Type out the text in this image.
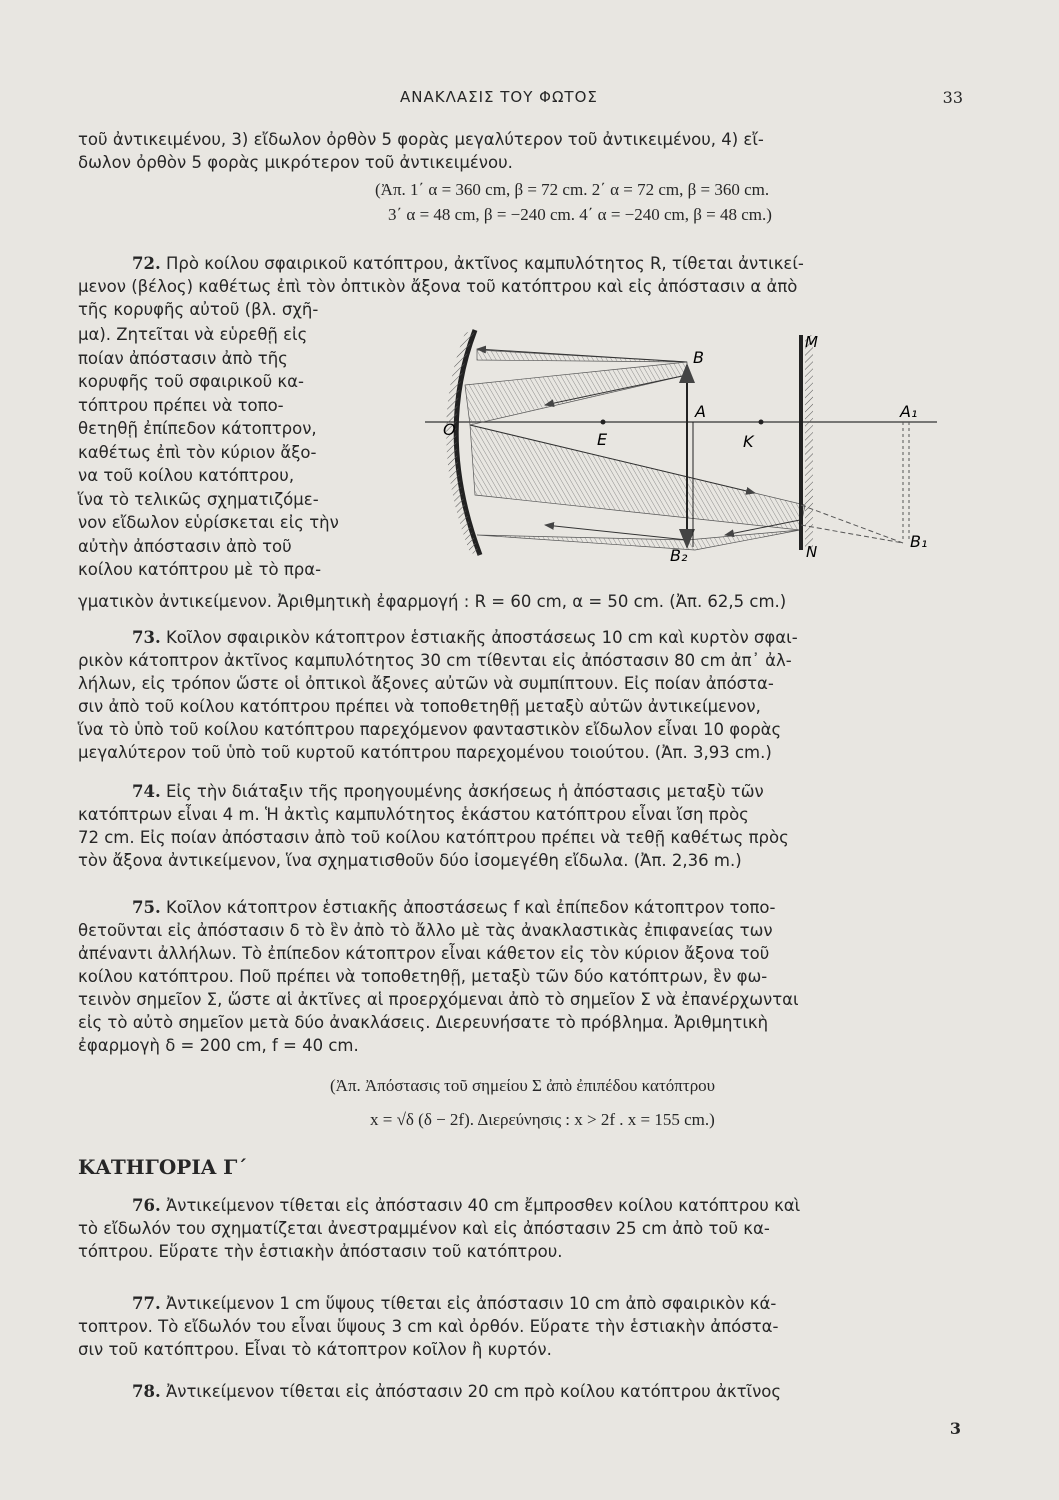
ΑΝΑΚΛΑΣΙΣ ΤΟΥ ΦΩΤΟΣ	33

τοῦ ἀντικειμένου, 3) εἴδωλον ὀρθὸν 5 φορὰς μεγαλύτερον τοῦ ἀντικειμένου, 4) εἴ-

δωλον ὀρθὸν 5 φορὰς μικρότερον τοῦ ἀντικειμένου.

(Ἀπ. 1΄ α = 360 cm, β = 72 cm. 2΄ α = 72 cm, β = 360 cm.
3΄ α = 48 cm, β = −240 cm. 4΄ α = −240 cm, β = 48 cm.)

72. Πρὸ κοίλου σφαιρικοῦ κατόπτρου, ἀκτῖνος καμπυλότητος R, τίθεται ἀντικεί-

μενον (βέλος) καθέτως ἐπὶ τὸν ὀπτικὸν ἄξονα τοῦ κατόπτρου καὶ εἰς ἀπόστασιν α ἀπὸ

τῆς κορυφῆς αὐτοῦ (βλ. σχῆ-

μα). Ζητεῖται νὰ εὑρεθῇ εἰς
ποίαν ἀπόστασιν ἀπὸ τῆς
κορυφῆς τοῦ σφαιρικοῦ κα-
τόπτρου πρέπει νὰ τοπο-
θετηθῇ ἐπίπεδον κάτοπτρον,
καθέτως ἐπὶ τὸν κύριον ἄξο-
να τοῦ κοίλου κατόπτρου,
ἵνα τὸ τελικῶς σχηματιζόμε-
νον εἴδωλον εὑρίσκεται εἰς τὴν
αὐτὴν ἀπόστασιν ἀπὸ τοῦ
κοίλου κατόπτρου μὲ τὸ πρα-

γματικὸν ἀντικείμενον. Ἀριθμητικὴ ἐφαρμογή : R = 60 cm, α = 50 cm. (Ἀπ. 62,5 cm.)

O
E
A
B
K
M
N
A₁
B₁
B₂

73. Κοῖλον σφαιρικὸν κάτοπτρον ἑστιακῆς ἀποστάσεως 10 cm καὶ κυρτὸν σφαι-

ρικὸν κάτοπτρον ἀκτῖνος καμπυλότητος 30 cm τίθενται εἰς ἀπόστασιν 80 cm ἀπ᾽ ἀλ-

λήλων, εἰς τρόπον ὥστε οἱ ὀπτικοὶ ἄξονες αὐτῶν νὰ συμπίπτουν. Εἰς ποίαν ἀπόστα-

σιν ἀπὸ τοῦ κοίλου κατόπτρου πρέπει νὰ τοποθετηθῇ μεταξὺ αὐτῶν ἀντικείμενον,

ἵνα τὸ ὑπὸ τοῦ κοίλου κατόπτρου παρεχόμενον φανταστικὸν εἴδωλον εἶναι 10 φορὰς

μεγαλύτερον τοῦ ὑπὸ τοῦ κυρτοῦ κατόπτρου παρεχομένου τοιούτου. (Ἀπ. 3,93 cm.)

74. Εἰς τὴν διάταξιν τῆς προηγουμένης ἀσκήσεως ἡ ἀπόστασις μεταξὺ τῶν

κατόπτρων εἶναι 4 m. Ἡ ἀκτὶς καμπυλότητος ἑκάστου κατόπτρου εἶναι ἴση πρὸς

72 cm. Εἰς ποίαν ἀπόστασιν ἀπὸ τοῦ κοίλου κατόπτρου πρέπει νὰ τεθῇ καθέτως πρὸς

τὸν ἄξονα ἀντικείμενον, ἵνα σχηματισθοῦν δύο ἰσομεγέθη εἴδωλα. (Ἀπ. 2,36 m.)

75. Κοῖλον κάτοπτρον ἑστιακῆς ἀποστάσεως f καὶ ἐπίπεδον κάτοπτρον τοπο-

θετοῦνται εἰς ἀπόστασιν δ τὸ ἓν ἀπὸ τὸ ἄλλο μὲ τὰς ἀνακλαστικὰς ἐπιφανείας των

ἀπέναντι ἀλλήλων. Τὸ ἐπίπεδον κάτοπτρον εἶναι κάθετον εἰς τὸν κύριον ἄξονα τοῦ

κοίλου κατόπτρου. Ποῦ πρέπει νὰ τοποθετηθῇ, μεταξὺ τῶν δύο κατόπτρων, ἓν φω-

τεινὸν σημεῖον Σ, ὥστε αἱ ἀκτῖνες αἱ προερχόμεναι ἀπὸ τὸ σημεῖον Σ νὰ ἐπανέρχωνται

εἰς τὸ αὐτὸ σημεῖον μετὰ δύο ἀνακλάσεις. Διερευνήσατε τὸ πρόβλημα. Ἀριθμητικὴ

ἐφαρμογὴ δ = 200 cm, f = 40 cm.

(Ἀπ. Ἀπόστασις τοῦ σημείου Σ ἀπὸ ἐπιπέδου κατόπτρου
x = √δ (δ − 2f). Διερεύνησις : x > 2f . x = 155 cm.)
ΚΑΤΗΓΟΡΙΑ Γ΄

76. Ἀντικείμενον τίθεται εἰς ἀπόστασιν 40 cm ἔμπροσθεν κοίλου κατόπτρου καὶ

τὸ εἴδωλόν του σχηματίζεται ἀνεστραμμένον καὶ εἰς ἀπόστασιν 25 cm ἀπὸ τοῦ κα-

τόπτρου. Εὕρατε τὴν ἑστιακὴν ἀπόστασιν τοῦ κατόπτρου.

77. Ἀντικείμενον 1 cm ὕψους τίθεται εἰς ἀπόστασιν 10 cm ἀπὸ σφαιρικὸν κά-

τοπτρον. Τὸ εἴδωλόν του εἶναι ὕψους 3 cm καὶ ὀρθόν. Εὕρατε τὴν ἑστιακὴν ἀπόστα-

σιν τοῦ κατόπτρου. Εἶναι τὸ κάτοπτρον κοῖλον ἢ κυρτόν.

78. Ἀντικείμενον τίθεται εἰς ἀπόστασιν 20 cm πρὸ κοίλου κατόπτρου ἀκτῖνος

3
